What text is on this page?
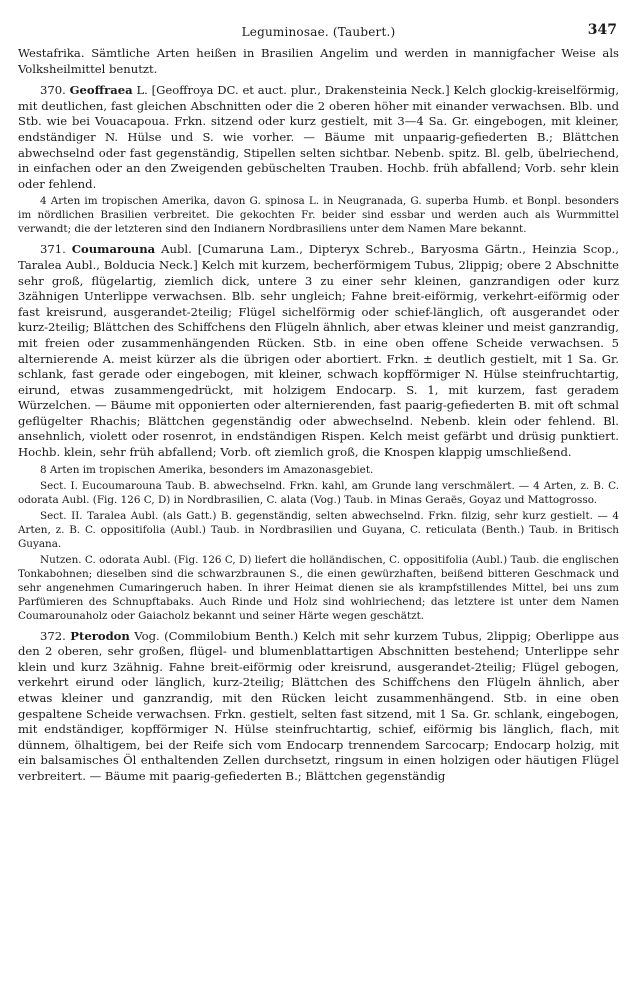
Leguminosae. (Taubert.)	347

Westafrika. Sämtliche Arten heißen in Brasilien Angelim und werden in mannigfacher Weise als Volksheilmittel benutzt.

370. Geoffraea L. [Geoffroya DC. et auct. plur., Drakensteinia Neck.] Kelch glockig-kreiselförmig, mit deutlichen, fast gleichen Abschnitten oder die 2 oberen höher mit einander verwachsen. Blb. und Stb. wie bei Vouacapoua. Frkn. sitzend oder kurz gestielt, mit 3—4 Sa. Gr. eingebogen, mit kleiner, endständiger N. Hülse und S. wie vorher. — Bäume mit unpaarig-gefiederten B.; Blättchen abwechselnd oder fast gegenständig, Stipellen selten sichtbar. Nebenb. spitz. Bl. gelb, übelriechend, in einfachen oder an den Zweigenden gebüschelten Trauben. Hochb. früh abfallend; Vorb. sehr klein oder fehlend.

4 Arten im tropischen Amerika, davon G. spinosa L. in Neugranada, G. superba Humb. et Bonpl. besonders im nördlichen Brasilien verbreitet. Die gekochten Fr. beider sind essbar und werden auch als Wurmmittel verwandt; die der letzteren sind den Indianern Nordbrasiliens unter dem Namen Mare bekannt.

371. Coumarouna Aubl. [Cumaruna Lam., Dipteryx Schreb., Baryosma Gärtn., Heinzia Scop., Taralea Aubl., Bolducia Neck.] Kelch mit kurzem, becherförmigem Tubus, 2lippig; obere 2 Abschnitte sehr groß, flügelartig, ziemlich dick, untere 3 zu einer sehr kleinen, ganzrandigen oder kurz 3zähnigen Unterlippe verwachsen. Blb. sehr ungleich; Fahne breit-eiförmig, verkehrt-eiförmig oder fast kreisrund, ausgerandet-2teilig; Flügel sichelförmig oder schief-länglich, oft ausgerandet oder kurz-2teilig; Blättchen des Schiffchens den Flügeln ähnlich, aber etwas kleiner und meist ganzrandig, mit freien oder zusammenhängenden Rücken. Stb. in eine oben offene Scheide verwachsen. 5 alternierende A. meist kürzer als die übrigen oder abortiert. Frkn. ± deutlich gestielt, mit 1 Sa. Gr. schlank, fast gerade oder eingebogen, mit kleiner, schwach kopfförmiger N. Hülse steinfruchtartig, eirund, etwas zusammengedrückt, mit holzigem Endocarp. S. 1, mit kurzem, fast geradem Würzelchen. — Bäume mit opponierten oder alternierenden, fast paarig-gefiederten B. mit oft schmal geflügelter Rhachis; Blättchen gegenständig oder abwechselnd. Nebenb. klein oder fehlend. Bl. ansehnlich, violett oder rosenrot, in endständigen Rispen. Kelch meist gefärbt und drüsig punktiert. Hochb. klein, sehr früh abfallend; Vorb. oft ziemlich groß, die Knospen klappig umschließend.

8 Arten im tropischen Amerika, besonders im Amazonasgebiet.

Sect. I. Eucoumarouna Taub. B. abwechselnd. Frkn. kahl, am Grunde lang verschmälert. — 4 Arten, z. B. C. odorata Aubl. (Fig. 126 C, D) in Nordbrasilien, C. alata (Vog.) Taub. in Minas Geraës, Goyaz und Mattogrosso.

Sect. II. Taralea Aubl. (als Gatt.) B. gegenständig, selten abwechselnd. Frkn. filzig, sehr kurz gestielt. — 4 Arten, z. B. C. oppositifolia (Aubl.) Taub. in Nordbrasilien und Guyana, C. reticulata (Benth.) Taub. in Britisch Guyana.

Nutzen. C. odorata Aubl. (Fig. 126 C, D) liefert die holländischen, C. oppositifolia (Aubl.) Taub. die englischen Tonkabohnen; dieselben sind die schwarzbraunen S., die einen gewürzhaften, beißend bitteren Geschmack und sehr angenehmen Cumaringeruch haben. In ihrer Heimat dienen sie als krampfstillendes Mittel, bei uns zum Parfümieren des Schnupftabaks. Auch Rinde und Holz sind wohlriechend; das letztere ist unter dem Namen Coumarounaholz oder Gaiacholz bekannt und seiner Härte wegen geschätzt.

372. Pterodon Vog. (Commilobium Benth.) Kelch mit sehr kurzem Tubus, 2lippig; Oberlippe aus den 2 oberen, sehr großen, flügel- und blumenblattartigen Abschnitten bestehend; Unterlippe sehr klein und kurz 3zähnig. Fahne breit-eiförmig oder kreisrund, ausgerandet-2teilig; Flügel gebogen, verkehrt eirund oder länglich, kurz-2teilig; Blättchen des Schiffchens den Flügeln ähnlich, aber etwas kleiner und ganzrandig, mit den Rücken leicht zusammenhängend. Stb. in eine oben gespaltene Scheide verwachsen. Frkn. gestielt, selten fast sitzend, mit 1 Sa. Gr. schlank, eingebogen, mit endständiger, kopfförmiger N. Hülse steinfruchtartig, schief, eiförmig bis länglich, flach, mit dünnem, ölhaltigem, bei der Reife sich vom Endocarp trennendem Sarcocarp; Endocarp holzig, mit ein balsamisches Öl enthaltenden Zellen durchsetzt, ringsum in einen holzigen oder häutigen Flügel verbreitert. — Bäume mit paarig-gefiederten B.; Blättchen gegenständig
